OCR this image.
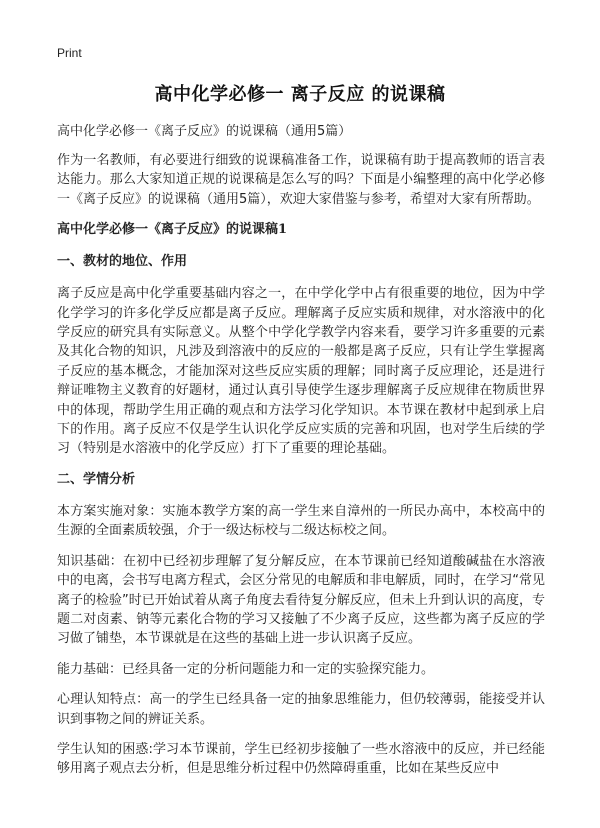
Print
高中化学必修一 离子反应 的说课稿

高中化学必修一《离子反应》的说课稿（通用5篇）

作为一名教师，有必要进行细致的说课稿准备工作，说课稿有助于提高教师的语言表达能力。那么大家知道正规的说课稿是怎么写的吗？下面是小编整理的高中化学必修一《离子反应》的说课稿（通用5篇），欢迎大家借鉴与参考，希望对大家有所帮助。

高中化学必修一《离子反应》的说课稿1

一、教材的地位、作用

离子反应是高中化学重要基础内容之一，在中学化学中占有很重要的地位，因为中学化学学习的许多化学反应都是离子反应。理解离子反应实质和规律，对水溶液中的化学反应的研究具有实际意义。从整个中学化学教学内容来看，要学习许多重要的元素及其化合物的知识，凡涉及到溶液中的反应的一般都是离子反应，只有让学生掌握离子反应的基本概念，才能加深对这些反应实质的理解；同时离子反应理论，还是进行辩证唯物主义教育的好题材，通过认真引导使学生逐步理解离子反应规律在物质世界中的体现，帮助学生用正确的观点和方法学习化学知识。本节课在教材中起到承上启下的作用。离子反应不仅是学生认识化学反应实质的完善和巩固，也对学生后续的学习（特别是水溶液中的化学反应）打下了重要的理论基础。

二、学情分析

本方案实施对象：实施本教学方案的高一学生来自漳州的一所民办高中，本校高中的生源的全面素质较强，介于一级达标校与二级达标校之间。

知识基础：在初中已经初步理解了复分解反应，在本节课前已经知道酸碱盐在水溶液中的电离，会书写电离方程式，会区分常见的电解质和非电解质，同时，在学习“常见离子的检验”时已开始试着从离子角度去看待复分解反应，但未上升到认识的高度，专题二对卤素、钠等元素化合物的学习又接触了不少离子反应，这些都为离子反应的学习做了铺垫，本节课就是在这些的基础上进一步认识离子反应。

能力基础：已经具备一定的分析问题能力和一定的实验探究能力。

心理认知特点：高一的学生已经具备一定的抽象思维能力，但仍较薄弱，能接受并认识到事物之间的辨证关系。

学生认知的困惑:学习本节课前，学生已经初步接触了一些水溶液中的反应，并已经能够用离子观点去分析，但是思维分析过程中仍然障碍重重，比如在某些反应中
